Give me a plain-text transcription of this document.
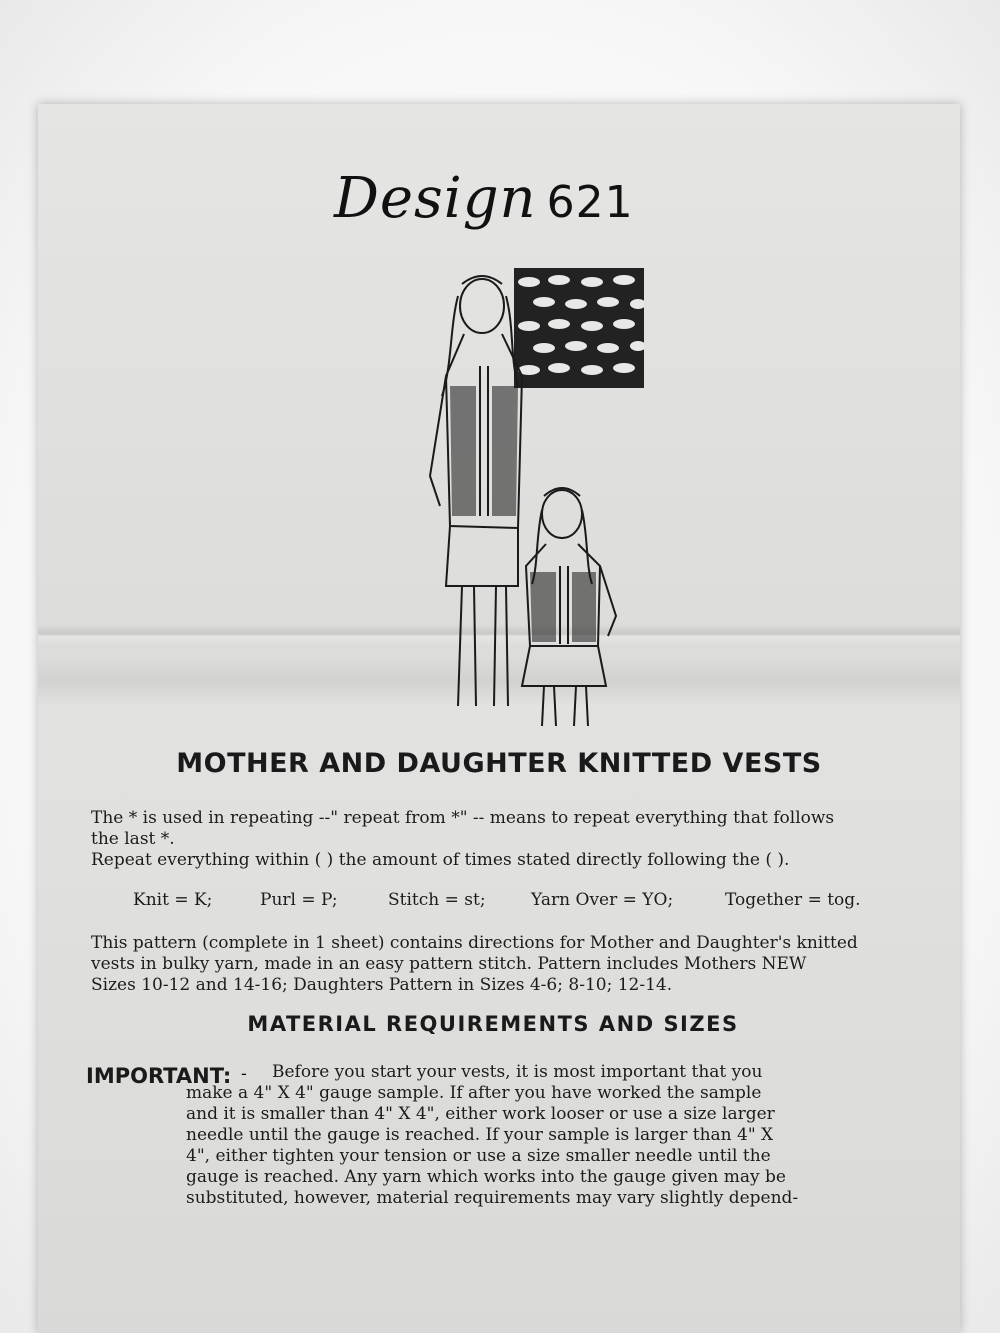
Design 621
MOTHER AND DAUGHTER KNITTED VESTS
The * is used in repeating --" repeat from *" -- means to repeat everything that follows
the last *.
Repeat everything within ( ) the amount of times stated directly following the ( ).
Knit = K;	Purl = P;	Stitch = st;	Yarn Over = YO;	Together = tog.
This pattern (complete in 1 sheet) contains directions for Mother and Daughter's knitted
vests in bulky yarn, made in an easy pattern stitch. Pattern includes Mothers NEW
Sizes 10-12 and 14-16; Daughters Pattern in Sizes 4-6; 8-10; 12-14.
MATERIAL REQUIREMENTS AND SIZES
IMPORTANT: - Before you start your vests, it is most important that you
make a 4" X 4" gauge sample. If after you have worked the sample
and it is smaller than 4" X 4", either work looser or use a size larger
needle until the gauge is reached. If your sample is larger than 4" X
4", either tighten your tension or use a size smaller needle until the
gauge is reached. Any yarn which works into the gauge given may be
substituted, however, material requirements may vary slightly depend-
